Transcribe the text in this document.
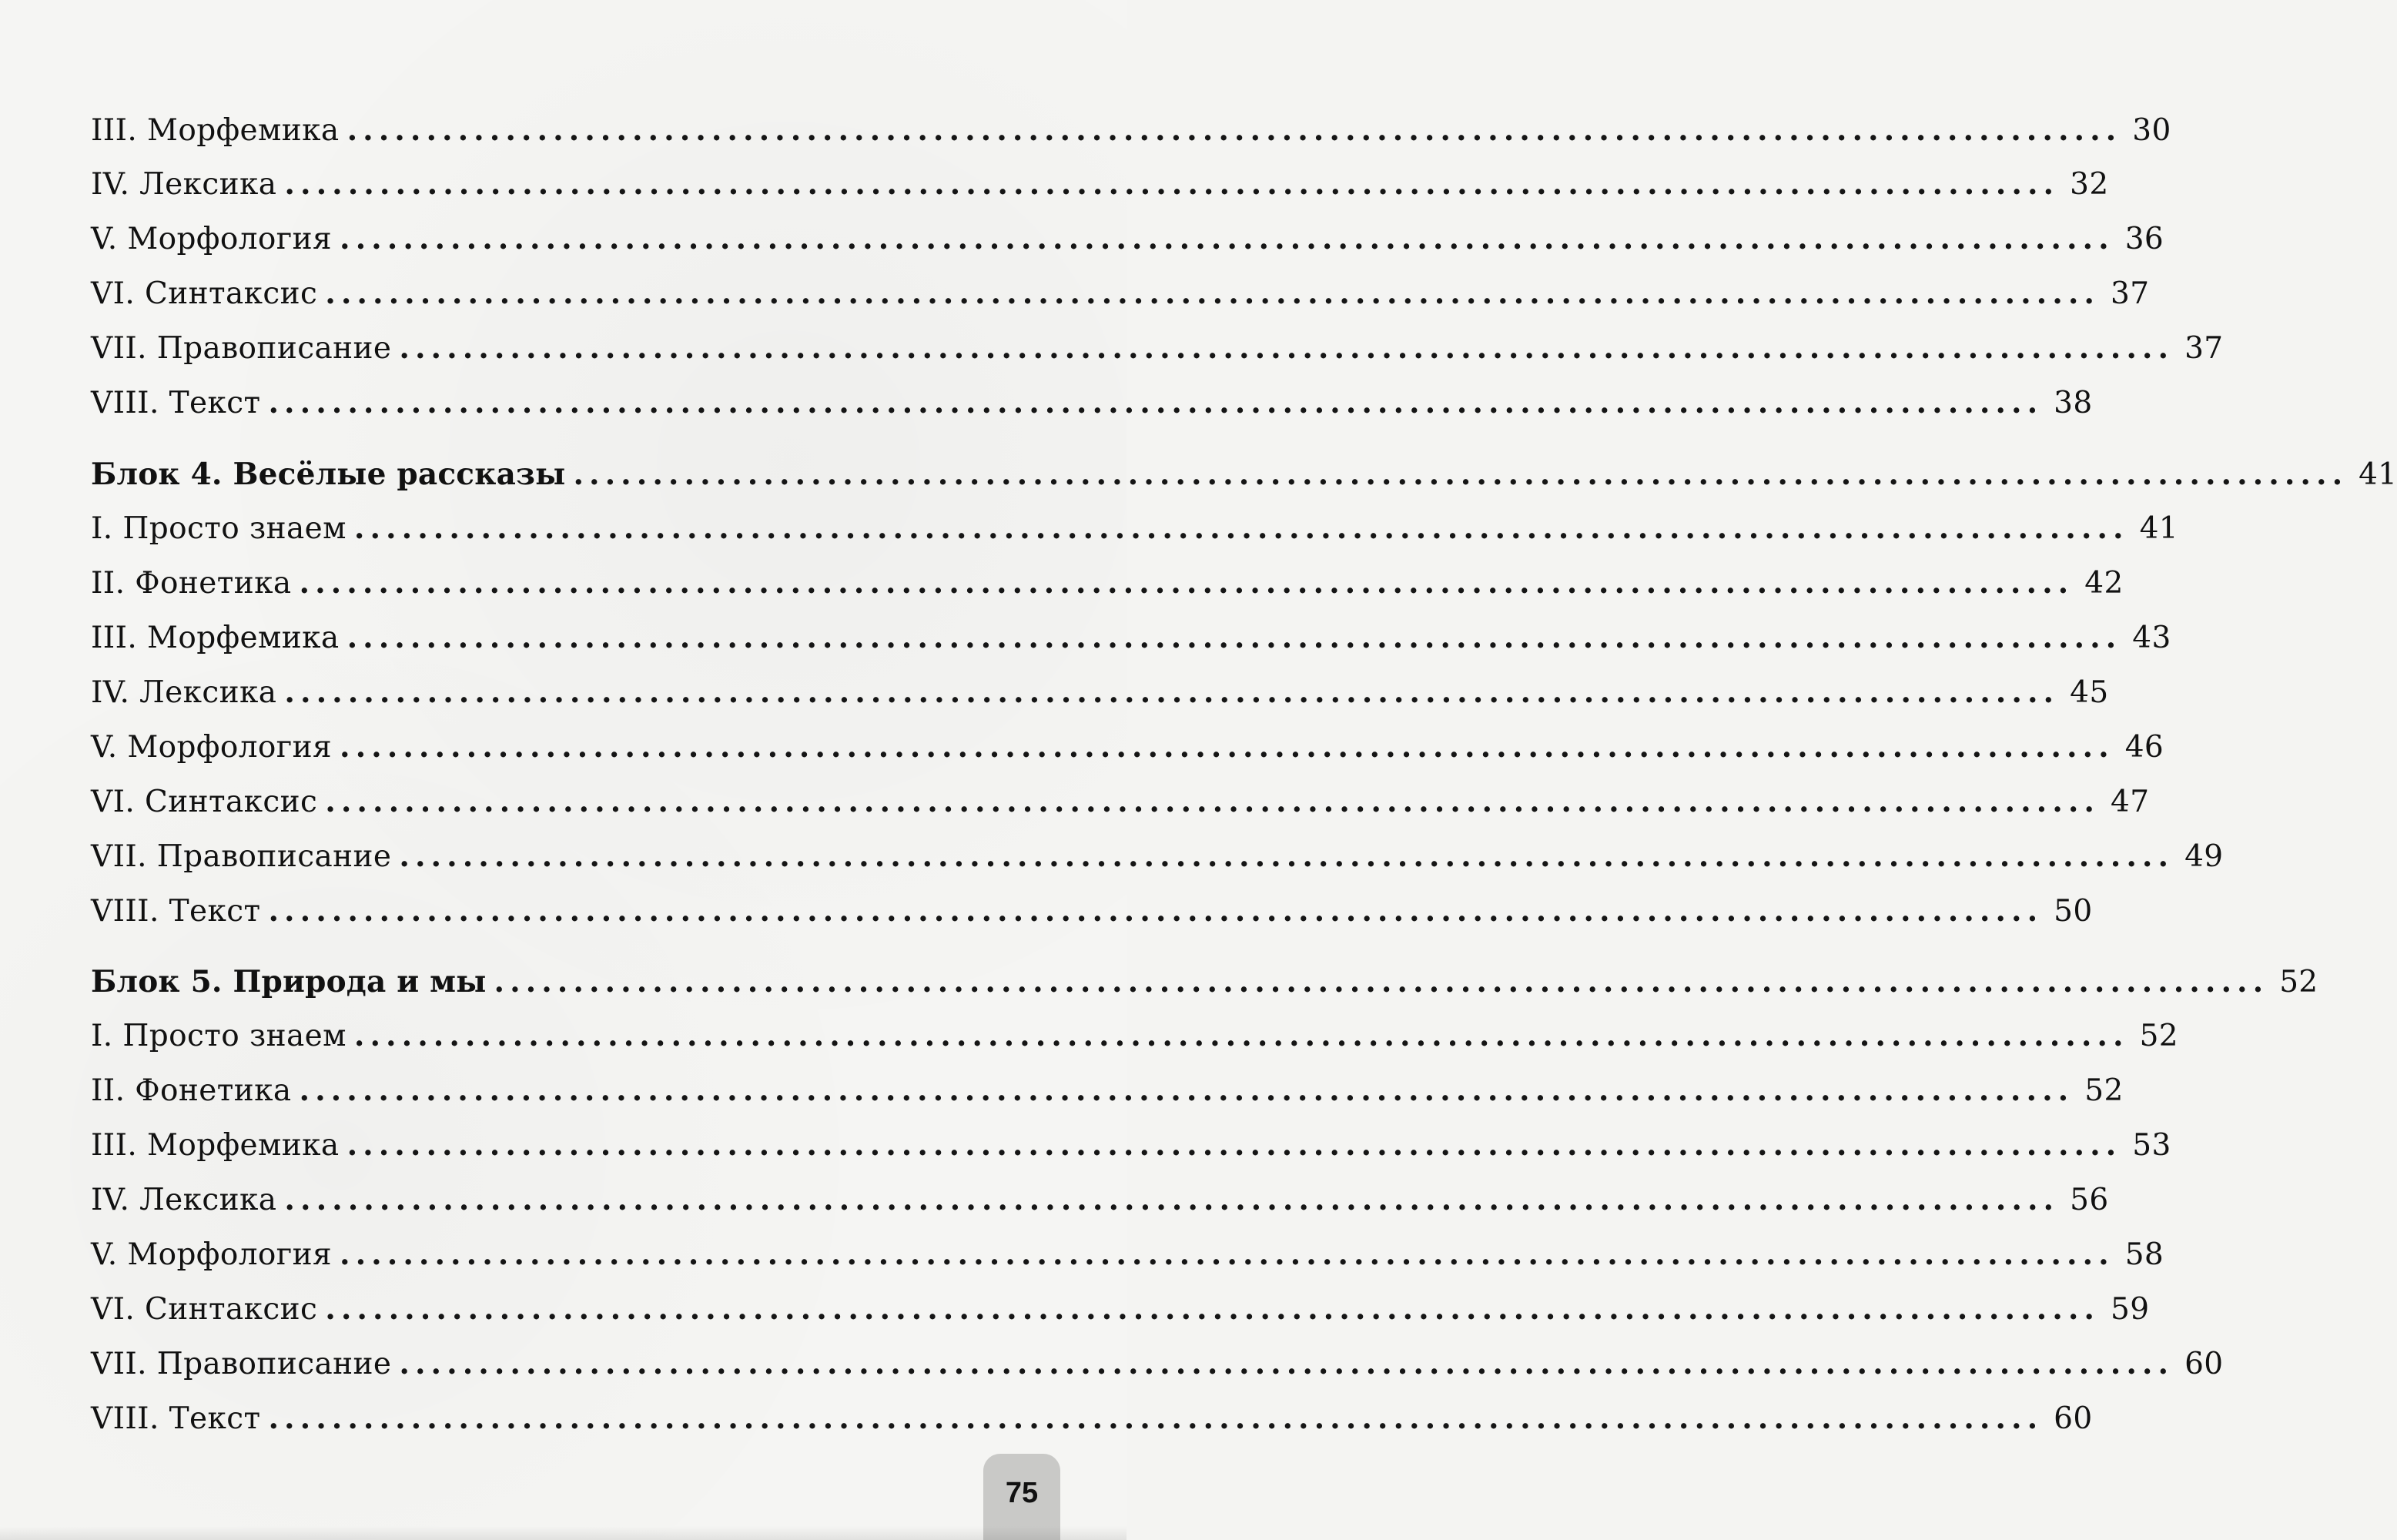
III. Морфемика ................................................................................................................ 30
IV. Лексика ................................................................................................................ 32
V. Морфология ................................................................................................................ 36
VI. Синтаксис ................................................................................................................ 37
VII. Правописание ................................................................................................................ 37
VIII. Текст ................................................................................................................ 38
Блок 4. Весёлые рассказы ................................................................................................................ 41
I. Просто знаем ................................................................................................................ 41
II. Фонетика ................................................................................................................ 42
III. Морфемика ................................................................................................................ 43
IV. Лексика ................................................................................................................ 45
V. Морфология ................................................................................................................ 46
VI. Синтаксис ................................................................................................................ 47
VII. Правописание ................................................................................................................ 49
VIII. Текст ................................................................................................................ 50
Блок 5. Природа и мы ................................................................................................................ 52
I. Просто знаем ................................................................................................................ 52
II. Фонетика ................................................................................................................ 52
III. Морфемика ................................................................................................................ 53
IV. Лексика ................................................................................................................ 56
V. Морфология ................................................................................................................ 58
VI. Синтаксис ................................................................................................................ 59
VII. Правописание ................................................................................................................ 60
VIII. Текст ................................................................................................................ 60
75
